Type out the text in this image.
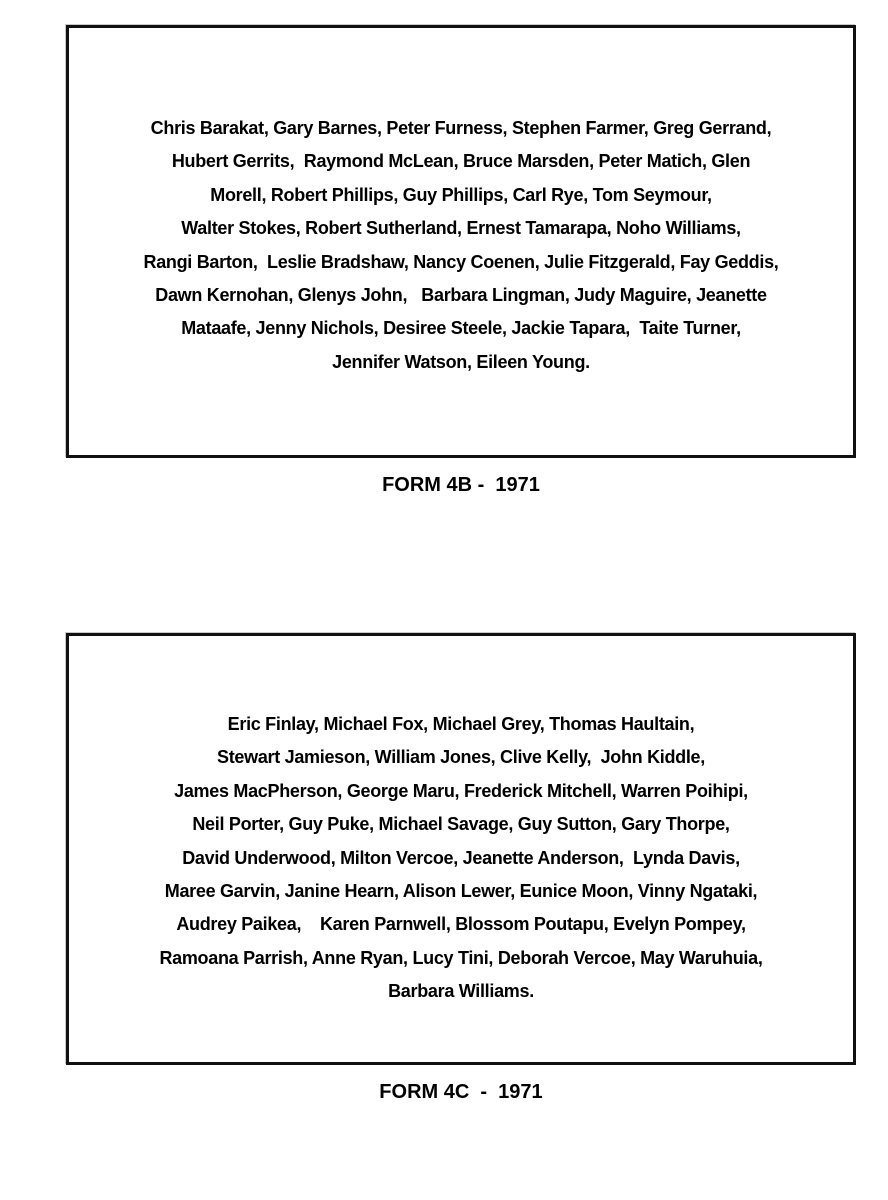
Chris Barakat, Gary Barnes, Peter Furness, Stephen Farmer, Greg Gerrand,
Hubert Gerrits,  Raymond McLean, Bruce Marsden, Peter Matich, Glen
Morell, Robert Phillips, Guy Phillips, Carl Rye, Tom Seymour,
Walter Stokes, Robert Sutherland, Ernest Tamarapa, Noho Williams,
Rangi Barton,  Leslie Bradshaw, Nancy Coenen, Julie Fitzgerald, Fay Geddis,
Dawn Kernohan, Glenys John,   Barbara Lingman, Judy Maguire, Jeanette
Mataafe, Jenny Nichols, Desiree Steele, Jackie Tapara,  Taite Turner,
Jennifer Watson, Eileen Young.
FORM 4B -  1971
Eric Finlay, Michael Fox, Michael Grey, Thomas Haultain,
Stewart Jamieson, William Jones, Clive Kelly,  John Kiddle,
James MacPherson, George Maru, Frederick Mitchell, Warren Poihipi,
Neil Porter, Guy Puke, Michael Savage, Guy Sutton, Gary Thorpe,
David Underwood, Milton Vercoe, Jeanette Anderson,  Lynda Davis,
Maree Garvin, Janine Hearn, Alison Lewer, Eunice Moon, Vinny Ngataki,
Audrey Paikea,    Karen Parnwell, Blossom Poutapu, Evelyn Pompey,
Ramoana Parrish, Anne Ryan, Lucy Tini, Deborah Vercoe, May Waruhuia,
Barbara Williams.
FORM 4C  -  1971
